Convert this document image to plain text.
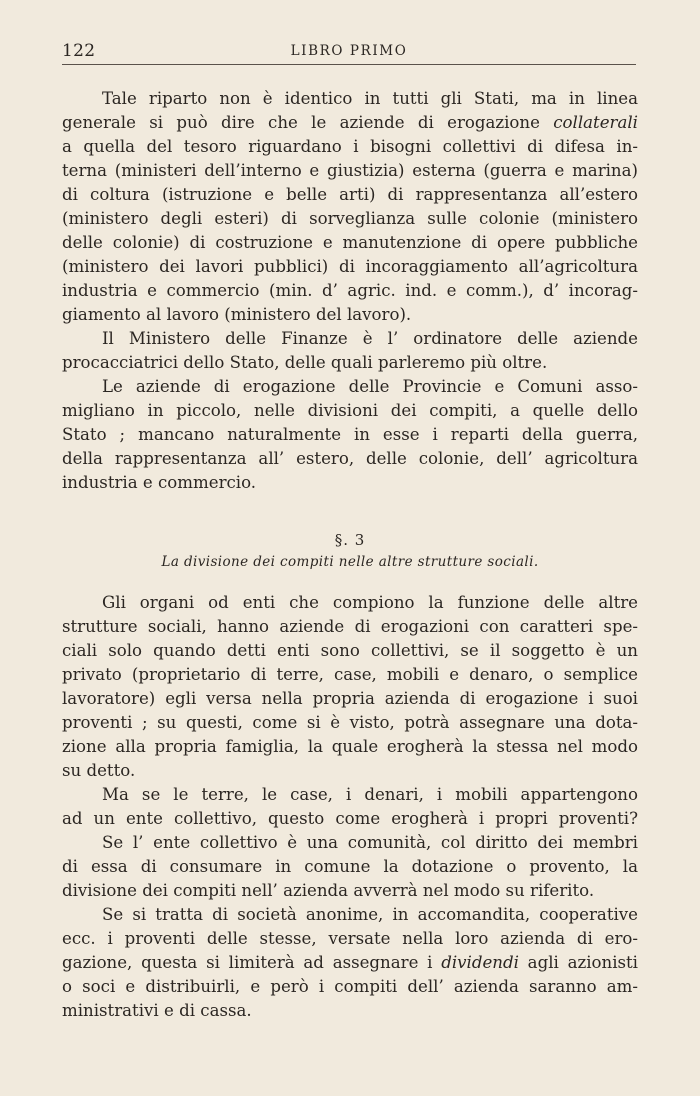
122	LIBRO PRIMO
Tale riparto non è identico in tutti gli Stati, ma in linea
generale si può dire che le aziende di erogazione collaterali
a quella del tesoro riguardano i bisogni collettivi di difesa in-
terna (ministeri dell’interno e giustizia) esterna (guerra e marina)
di coltura (istruzione e belle arti) di rappresentanza all’estero
(ministero degli esteri) di sorveglianza sulle colonie (ministero
delle colonie) di costruzione e manutenzione di opere pubbliche
(ministero dei lavori pubblici) di incoraggiamento all’agricoltura
industria e commercio (min. d’ agric. ind. e comm.), d’ incorag-
giamento al lavoro (ministero del lavoro).
Il Ministero delle Finanze è l’ ordinatore delle aziende
procacciatrici dello Stato, delle quali parleremo più oltre.
Le aziende di erogazione delle Provincie e Comuni asso-
migliano in piccolo, nelle divisioni dei compiti, a quelle dello
Stato ; mancano naturalmente in esse i reparti della guerra,
della rappresentanza all’ estero, delle colonie, dell’ agricoltura
industria e commercio.
§. 3
La divisione dei compiti nelle altre strutture sociali.
Gli organi od enti che compiono la funzione delle altre
strutture sociali, hanno aziende di erogazioni con caratteri spe-
ciali solo quando detti enti sono collettivi, se il soggetto è un
privato (proprietario di terre, case, mobili e denaro, o semplice
lavoratore) egli versa nella propria azienda di erogazione i suoi
proventi ; su questi, come si è visto, potrà assegnare una dota-
zione alla propria famiglia, la quale erogherà la stessa nel modo
su detto.
Ma se le terre, le case, i denari, i mobili appartengono
ad un ente collettivo, questo come erogherà i propri proventi?
Se l’ ente collettivo è una comunità, col diritto dei membri
di essa di consumare in comune la dotazione o provento, la
divisione dei compiti nell’ azienda avverrà nel modo su riferito.
Se si tratta di società anonime, in accomandita, cooperative
ecc. i proventi delle stesse, versate nella loro azienda di ero-
gazione, questa si limiterà ad assegnare i dividendi agli azionisti
o soci e distribuirli, e però i compiti dell’ azienda saranno am-
ministrativi e di cassa.
